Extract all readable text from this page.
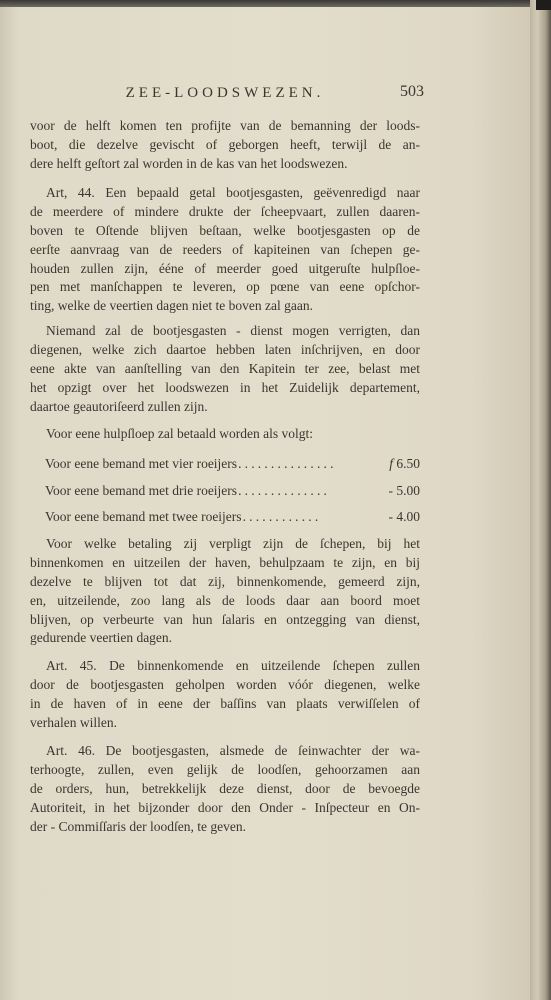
ZEE-LOODSWEZEN.	503
voor de helft komen ten profijte van de bemanning der loods-
boot, die dezelve gevischt of geborgen heeft, terwijl de an-
dere helft geſtort zal worden in de kas van het loodswezen.
Art, 44. Een bepaald getal bootjesgasten, geëvenredigd naar
de meerdere of mindere drukte der ſcheepvaart, zullen daaren-
boven te Oſtende blijven beſtaan, welke bootjesgasten op de
eerſte aanvraag van de reeders of kapiteinen van ſchepen ge-
houden zullen zijn, ééne of meerder goed uitgeruſte hulpſloe-
pen met manſchappen te leveren, op pœne van eene opſchor-
ting, welke de veertien dagen niet te boven zal gaan.
Niemand zal de bootjesgasten - dienst mogen verrigten, dan
diegenen, welke zich daartoe hebben laten inſchrijven, en door
eene akte van aanſtelling van den Kapitein ter zee, belast met
het opzigt over het loodswezen in het Zuidelijk departement,
daartoe geautoriſeerd zullen zijn.
Voor eene hulpſloep zal betaald worden als volgt:
Voor eene bemand met vier roeijers ...............	f 6.50
Voor eene bemand met drie roeijers ..............	- 5.00
Voor eene bemand met twee roeijers ............	- 4.00
Voor welke betaling zij verpligt zijn de ſchepen, bij het
binnenkomen en uitzeilen der haven, behulpzaam te zijn, en bij
dezelve te blijven tot dat zij, binnenkomende, gemeerd zijn,
en, uitzeilende, zoo lang als de loods daar aan boord moet
blijven, op verbeurte van hun ſalaris en ontzegging van dienst,
gedurende veertien dagen.
Art. 45. De binnenkomende en uitzeilende ſchepen zullen
door de bootjesgasten geholpen worden vóór diegenen, welke
in de haven of in eene der baſſins van plaats verwiſſelen of
verhalen willen.
Art. 46. De bootjesgasten, alsmede de ſeinwachter der wa-
terhoogte, zullen, even gelijk de loodſen, gehoorzamen aan
de orders, hun, betrekkelijk deze dienst, door de bevoegde
Autoriteit, in het bijzonder door den Onder - Inſpecteur en On-
der - Commiſſaris der loodſen, te geven.
